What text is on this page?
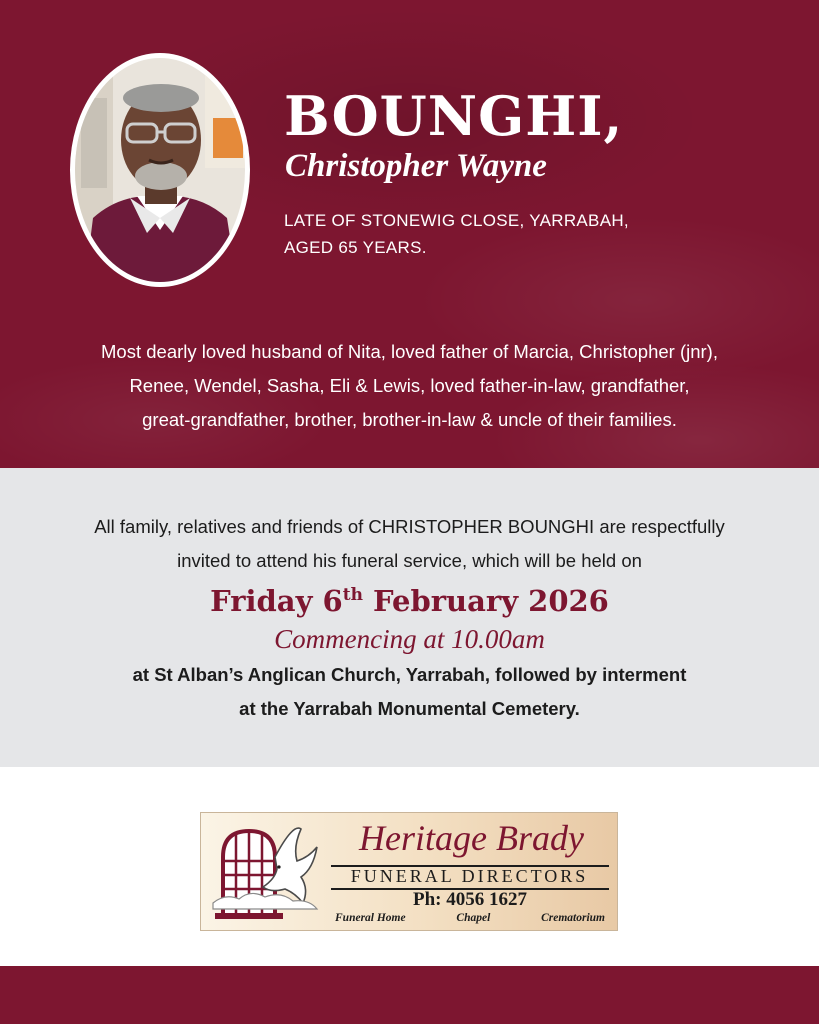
BOUNGHI,
Christopher Wayne
LATE OF STONEWIG CLOSE, YARRABAH,
AGED 65 YEARS.
Most dearly loved husband of Nita, loved father of Marcia, Christopher (jnr),
Renee, Wendel, Sasha, Eli & Lewis, loved father-in-law, grandfather,
great-grandfather, brother, brother-in-law & uncle of their families.
All family, relatives and friends of CHRISTOPHER BOUNGHI are respectfully
invited to attend his funeral service, which will be held on
Friday 6th February 2026
Commencing at 10.00am
at St Alban’s Anglican Church, Yarrabah, followed by interment
at the Yarrabah Monumental Cemetery.
Heritage Brady
FUNERAL DIRECTORS
Ph: 4056 1627
Funeral Home	Chapel	Crematorium
